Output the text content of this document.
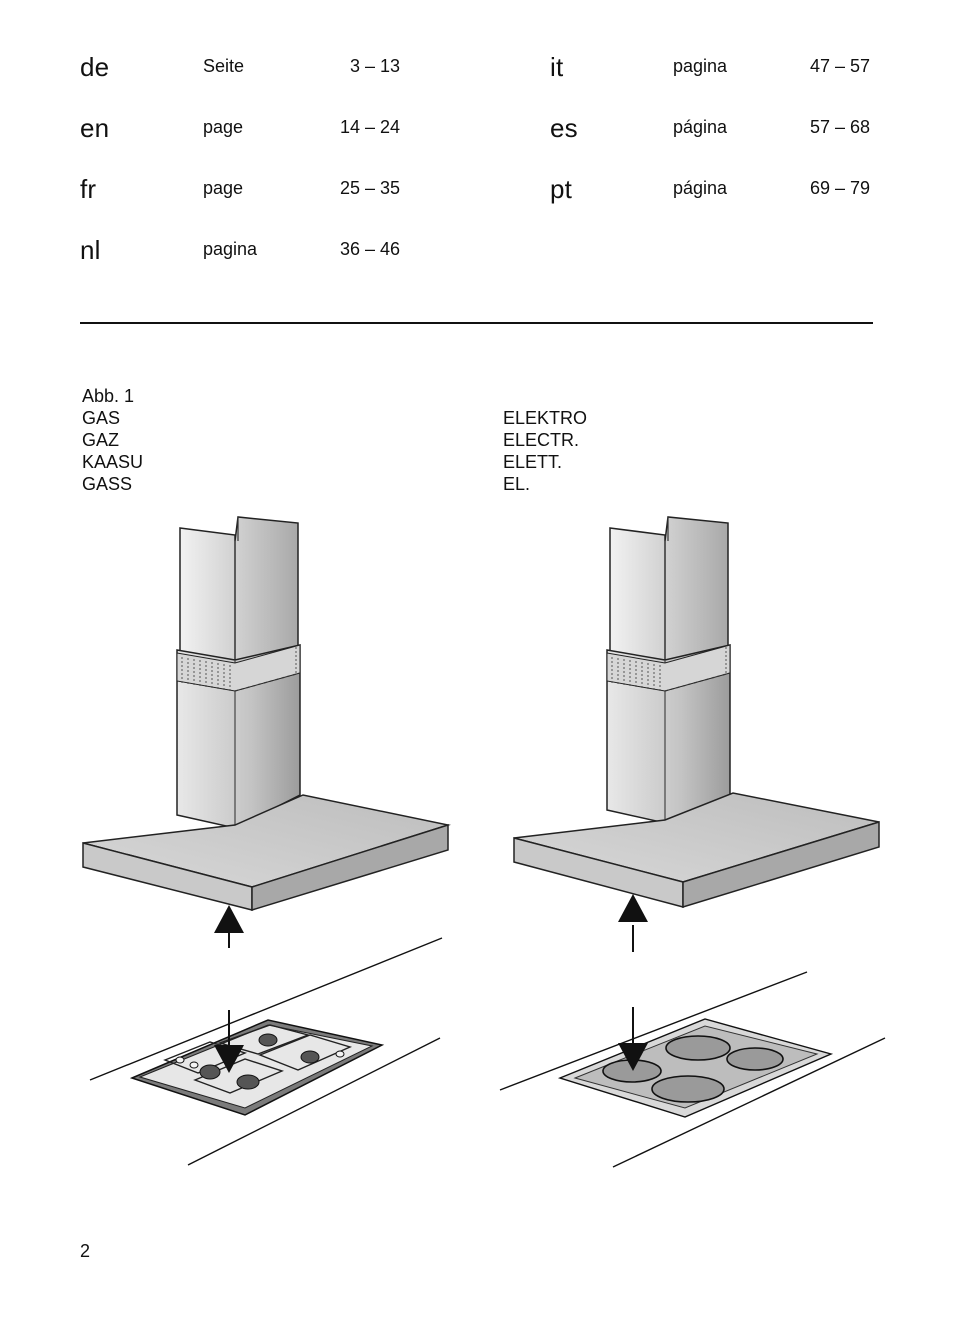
de	Seite	3 – 13
en	page	14 – 24
fr	page	25 – 35
nl	pagina	36 – 46
it	pagina	47 – 57
es	página	57 – 68
pt	página	69 – 79
Abb. 1
GAS
GAZ
KAASU
GASS
ELEKTRO
ELECTR.
ELETT.
EL.
2
